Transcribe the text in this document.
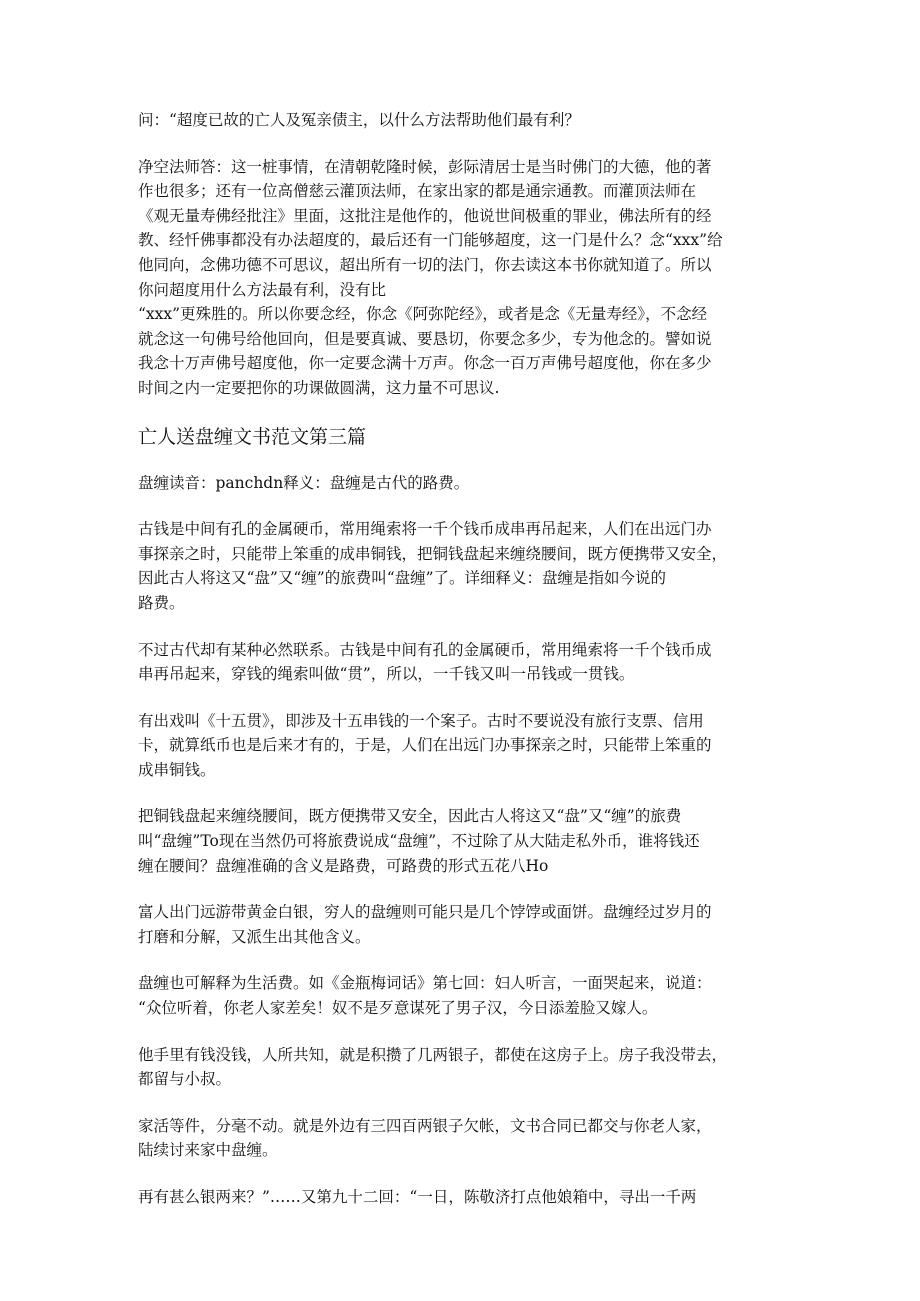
问：“超度已故的亡人及冤亲债主，以什么方法帮助他们最有利？

净空法师答：这一桩事情，在清朝乾隆时候，彭际清居士是当时佛门的大德，他的著
作也很多；还有一位高僧慈云灌顶法师，在家出家的都是通宗通教。而灌顶法师在
《观无量寿佛经批注》里面，这批注是他作的，他说世间极重的罪业，佛法所有的经
教、经忏佛事都没有办法超度的，最后还有一门能够超度，这一门是什么？念“xxx”给
他同向，念佛功德不可思议，超出所有一切的法门，你去读这本书你就知道了。所以
你问超度用什么方法最有利，没有比
“xxx”更殊胜的。所以你要念经，你念《阿弥陀经》，或者是念《无量寿经》，不念经
就念这一句佛号给他回向，但是要真诚、要恳切，你要念多少，专为他念的。譬如说
我念十万声佛号超度他，你一定要念满十万声。你念一百万声佛号超度他，你在多少
时间之内一定要把你的功课做圆满，这力量不可思议.

亡人送盘缠文书范文第三篇

盘缠读音：panchdn释义：盘缠是古代的路费。

古钱是中间有孔的金属硬币，常用绳索将一千个钱币成串再吊起来，人们在出远门办
事探亲之时，只能带上笨重的成串铜钱，把铜钱盘起来缠绕腰间，既方便携带又安全，
因此古人将这又“盘”又“缠”的旅费叫“盘缠”了。详细释义：盘缠是指如今说的
路费。

不过古代却有某种必然联系。古钱是中间有孔的金属硬币，常用绳索将一千个钱币成
串再吊起来，穿钱的绳索叫做“贯”，所以，一千钱又叫一吊钱或一贯钱。

有出戏叫《十五贯》，即涉及十五串钱的一个案子。古时不要说没有旅行支票、信用
卡，就算纸币也是后来才有的，于是，人们在出远门办事探亲之时，只能带上笨重的
成串铜钱。

把铜钱盘起来缠绕腰间，既方便携带又安全，因此古人将这又“盘”又“缠”的旅费
叫“盘缠”To现在当然仍可将旅费说成“盘缠”，不过除了从大陆走私外币，谁将钱还
缠在腰间？盘缠准确的含义是路费，可路费的形式五花八Ho

富人出门远游带黄金白银，穷人的盘缠则可能只是几个饽饽或面饼。盘缠经过岁月的
打磨和分解，又派生出其他含义。

盘缠也可解释为生活费。如《金瓶梅词话》第七回：妇人听言，一面哭起来，说道：
“众位听着，你老人家差矣！奴不是歹意谋死了男子汉，今日添羞脸又嫁人。

他手里有钱没钱，人所共知，就是积攒了几两银子，都使在这房子上。房子我没带去，
都留与小叔。

家活等件，分毫不动。就是外边有三四百两银子欠帐，文书合同已都交与你老人家，
陆续讨来家中盘缠。

再有甚么银两来？”……又第九十二回：“一日，陈敬济打点他娘箱中，寻出一千两
